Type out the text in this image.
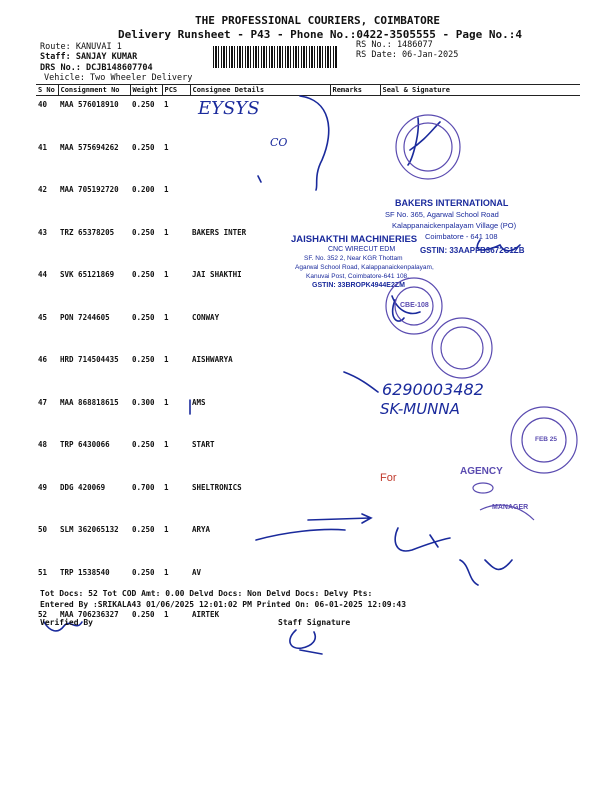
THE PROFESSIONAL COURIERS, COIMBATORE
Delivery Runsheet - P43 - Phone No.:0422-3505555 - Page No.:4
Route: KANUVAI 1
Staff: SANJAY KUMAR
DRS No.: DCJB148607704
Vehicle: Two Wheeler Delivery
RS No.: 1486077
RS Date: 06-Jan-2025
S No	Consignment No	Weight	PCS	Consignee Details	Remarks	Seal & Signature
40	MAA 576018910	0.250	1			
41	MAA 575694262	0.250	1			
42	MAA 705192720	0.200	1			
43	TRZ 65378205	0.250	1	BAKERS INTER		
44	SVK 65121869	0.250	1	JAI SHAKTHI		
45	PON 7244605	0.250	1	CONWAY		
46	HRD 714504435	0.250	1	AISHWARYA		
47	MAA 868818615	0.300	1	AMS		
48	TRP 6430066	0.250	1	START		
49	DDG 420069	0.700	1	SHELTRONICS		
50	SLM 362065132	0.250	1	ARYA		
51	TRP 1538540	0.250	1	AV		
52	MAA 706236327	0.250	1	AIRTEK		
EYSYS
CO
6290003482
SK-MUNNA
BAKERS INTERNATIONAL
SF No. 365, Agarwal School Road
Kalappanaickenpalayam Village (PO)
Coimbatore - 641 108
GSTIN: 33AAPFB3672C1ZB
JAISHAKTHI MACHINERIES
CNC WIRECUT EDM
SF. No. 352 2, Near KGR Thottam
Agarwal School Road, Kalappanaickenpalayam,
Kanuvai Post, Coimbatore-641 108.
GSTIN: 33BROPK4944E2ZM
CBE-108
FEB 25
AGENCY
For
MANAGER
Tot Docs: 52 Tot COD Amt: 0.00 Delvd Docs: Non Delvd Docs: Delvy Pts:
Entered By :SRIKALA43 01/06/2025 12:01:02 PM Printed On: 06-01-2025 12:09:43
Verified By	Staff Signature
